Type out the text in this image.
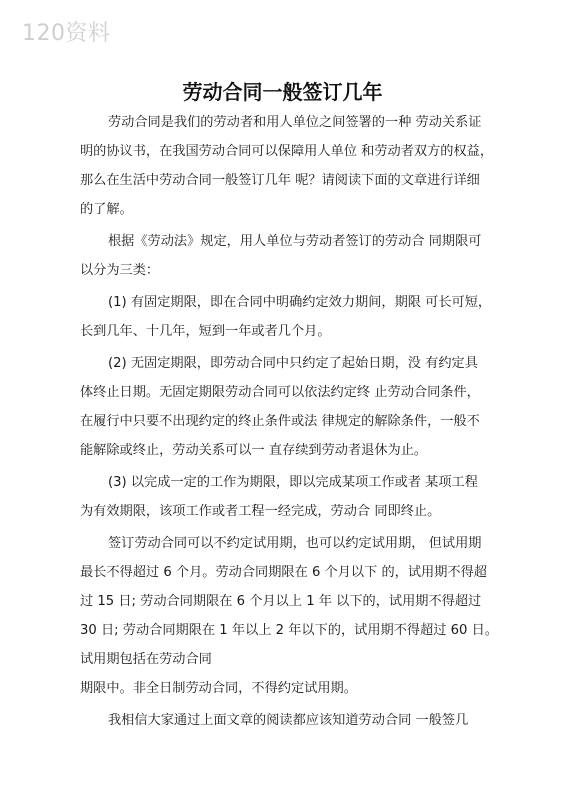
120资料
劳动合同一般签订几年
劳动合同是我们的劳动者和用人单位之间签署的一种 劳动关系证
明的协议书，在我国劳动合同可以保障用人单位 和劳动者双方的权益，
那么在生活中劳动合同一般签订几年 呢？请阅读下面的文章进行详细
的了解。
根据《劳动法》规定，用人单位与劳动者签订的劳动合 同期限可
以分为三类：
(1) 有固定期限，即在合同中明确约定效力期间，期限 可长可短，
长到几年、十几年，短到一年或者几个月。
(2) 无固定期限，即劳动合同中只约定了起始日期，没 有约定具
体终止日期。无固定期限劳动合同可以依法约定终 止劳动合同条件，
在履行中只要不出现约定的终止条件或法 律规定的解除条件，一般不
能解除或终止，劳动关系可以一 直存续到劳动者退休为止。
(3) 以完成一定的工作为期限，即以完成某项工作或者 某项工程
为有效期限，该项工作或者工程一经完成，劳动合 同即终止。
签订劳动合同可以不约定试用期，也可以约定试用期， 但试用期
最长不得超过 6 个月。劳动合同期限在 6 个月以下 的，试用期不得超
过 15 日; 劳动合同期限在 6 个月以上 1 年 以下的，试用期不得超过
30 日; 劳动合同期限在 1 年以上 2 年以下的，试用期不得超过 60 日。
试用期包括在劳动合同
期限中。非全日制劳动合同，不得约定试用期。
我相信大家通过上面文章的阅读都应该知道劳动合同 一般签几
